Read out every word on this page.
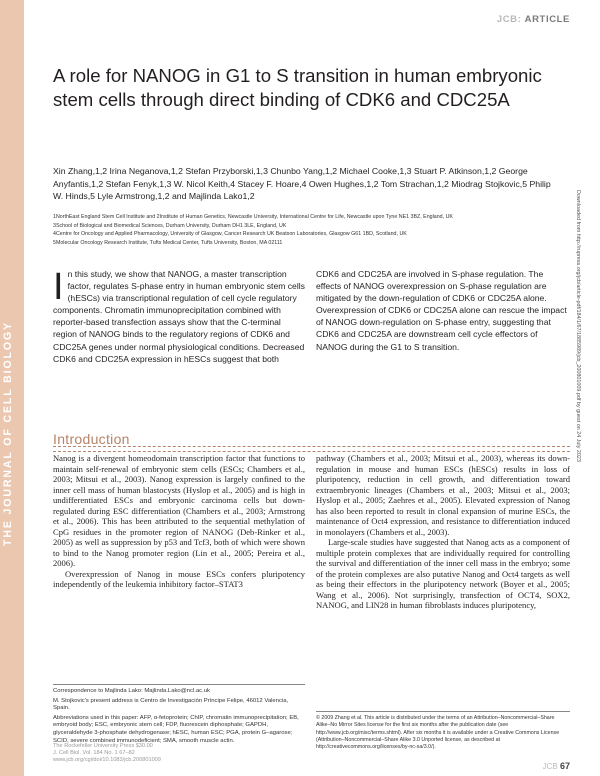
THE JOURNAL OF CELL BIOLOGY
JCB: ARTICLE
A role for NANOG in G1 to S transition in human embryonic stem cells through direct binding of CDK6 and CDC25A
Xin Zhang,1,2 Irina Neganova,1,2 Stefan Przyborski,1,3 Chunbo Yang,1,2 Michael Cooke,1,3 Stuart P. Atkinson,1,2 George Anyfantis,1,2 Stefan Fenyk,1,3 W. Nicol Keith,4 Stacey F. Hoare,4 Owen Hughes,1,2 Tom Strachan,1,2 Miodrag Stojkovic,5 Philip W. Hinds,5 Lyle Armstrong,1,2 and Majlinda Lako1,2
1NorthEast England Stem Cell Institute and 2Institute of Human Genetics, Newcastle University, International Centre for Life, Newcastle upon Tyne NE1 3BZ, England, UK
3School of Biological and Biomedical Sciences, Durham University, Durham DH1 3LE, England, UK
4Centre for Oncology and Applied Pharmacology, University of Glasgow, Cancer Research UK Beatson Laboratories, Glasgow G61 1BD, Scotland, UK
5Molecular Oncology Research Institute, Tufts Medical Center, Tufts University, Boston, MA 02111	Downloaded from http://rupress.org/jcb/article-pdf/184/1/67/1885989/jcb_200801009.pdf by guest on 24 July 2023
In this study, we show that NANOG, a master transcription factor, regulates S-phase entry in human embryonic stem cells (hESCs) via transcriptional regulation of cell cycle regulatory components. Chromatin immunoprecipitation combined with reporter-based transfection assays show that the C-terminal region of NANOG binds to the regulatory regions of CDK6 and CDC25A genes under normal physiological conditions. Decreased CDK6 and CDC25A expression in hESCs suggest that both
CDK6 and CDC25A are involved in S-phase regulation. The effects of NANOG overexpression on S-phase regulation are mitigated by the down-regulation of CDK6 or CDC25A alone. Overexpression of CDK6 or CDC25A alone can rescue the impact of NANOG down-regulation on S-phase entry, suggesting that CDK6 and CDC25A are downstream cell cycle effectors of NANOG during the G1 to S transition.
Introduction

Nanog is a divergent homeodomain transcription factor that functions to maintain self-renewal of embryonic stem cells (ESCs; Chambers et al., 2003; Mitsui et al., 2003). Nanog expression is largely confined to the inner cell mass of human blastocysts (Hyslop et al., 2005) and is high in undifferentiated ESCs and embryonic carcinoma cells but down-regulated during ESC differentiation (Chambers et al., 2003; Armstrong et al., 2006). This has been attributed to the sequential methylation of CpG residues in the promoter region of NANOG (Deb-Rinker et al., 2005) as well as suppression by p53 and Tcf3, both of which were shown to bind to the Nanog promoter region (Lin et al., 2005; Pereira et al., 2006).

Overexpression of Nanog in mouse ESCs confers pluripotency independently of the leukemia inhibitory factor–STAT3

pathway (Chambers et al., 2003; Mitsui et al., 2003), whereas its down-regulation in mouse and human ESCs (hESCs) results in loss of pluripotency, reduction in cell growth, and differentiation toward extraembryonic lineages (Chambers et al., 2003; Mitsui et al., 2003; Hyslop et al., 2005; Zaehres et al., 2005). Elevated expression of Nanog has also been reported to result in clonal expansion of murine ESCs, the maintenance of Oct4 expression, and resistance to differentiation induced in monolayers (Chambers et al., 2003).

Large-scale studies have suggested that Nanog acts as a component of multiple protein complexes that are individually required for controlling the survival and differentiation of the inner cell mass in the embryo; some of the protein complexes are also putative Nanog and Oct4 targets as well as being their effectors in the pluripotency network (Boyer et al., 2005; Wang et al., 2006). Not surprisingly, transfection of OCT4, SOX2, NANOG, and LIN28 in human fibroblasts induces pluripotency,

Correspondence to Majlinda Lako: Majlinda.Lako@ncl.ac.uk

M. Stojkovic's present address is Centro de Investigación Príncipe Felipe, 46012 Valencia, Spain.

Abbreviations used in this paper: AFP, α-fetoprotein; ChIP, chromatin immunoprecipitation; EB, embryoid body; ESC, embryonic stem cell; FDP, fluorescein diphosphate; GAPDH, glyceraldehyde 3-phosphate dehydrogenase; hESC, human ESC; PGA, protein G–agarose; SCID, severe combined immunodeficient; SMA, smooth muscle actin.

© 2009 Zhang et al. This article is distributed under the terms of an Attribution–Noncommercial–Share Alike–No Mirror Sites license for the first six months after the publication date (see http://www.jcb.org/misc/terms.shtml). After six months it is available under a Creative Commons License (Attribution–Noncommercial–Share Alike 3.0 Unported license, as described at http://creativecommons.org/licenses/by-nc-sa/3.0/).
The Rockefeller University Press $30.00
J. Cell Biol. Vol. 184 No. 1 67–82
www.jcb.org/cgi/doi/10.1083/jcb.200801009
JCB 67
